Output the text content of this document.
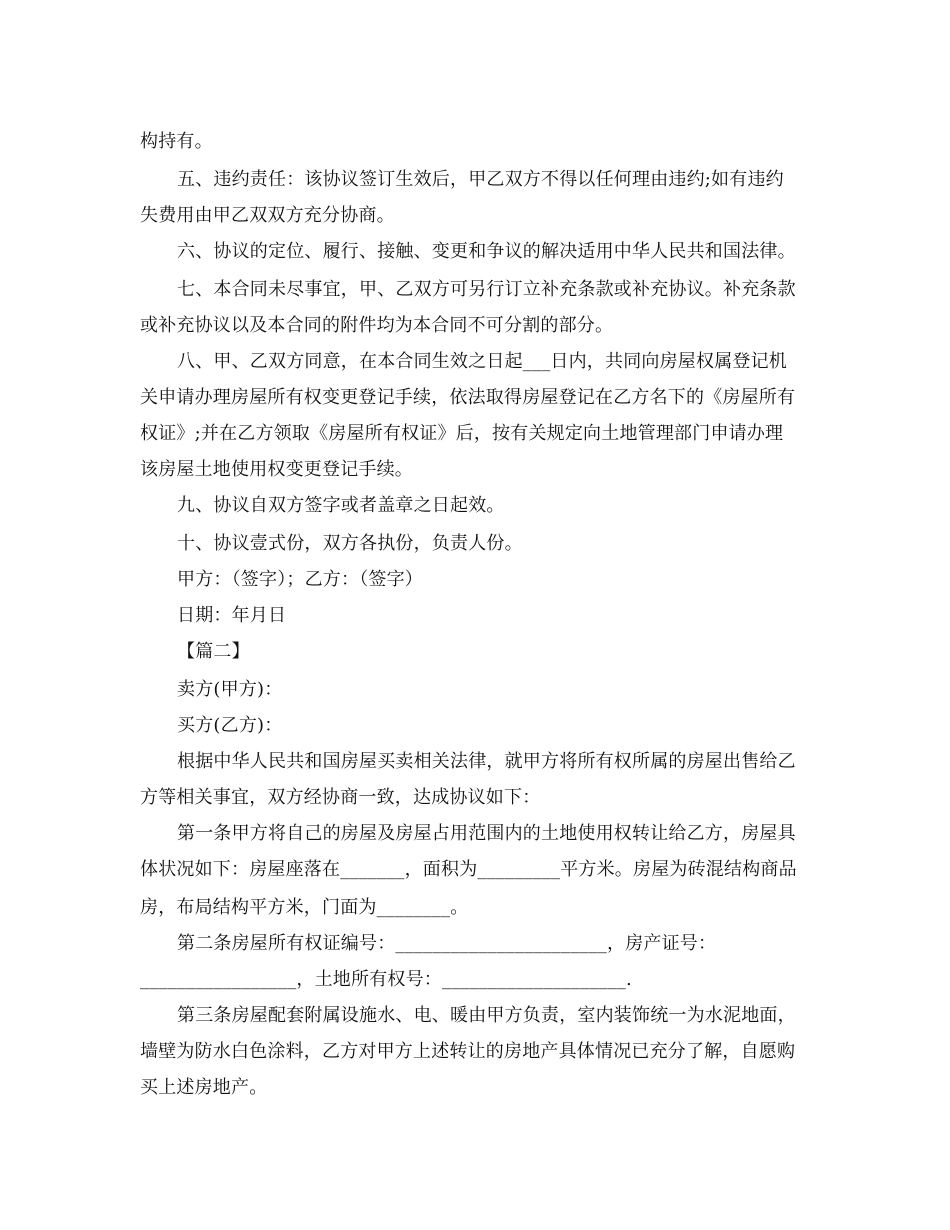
构持有。
五、违约责任：该协议签订生效后，甲乙双方不得以任何理由违约;如有违约
失费用由甲乙双双方充分协商。
六、协议的定位、履行、接触、变更和争议的解决适用中华人民共和国法律。
七、本合同未尽事宜，甲、乙双方可另行订立补充条款或补充协议。补充条款
或补充协议以及本合同的附件均为本合同不可分割的部分。
八、甲、乙双方同意，在本合同生效之日起___日内，共同向房屋权属登记机
关申请办理房屋所有权变更登记手续，依法取得房屋登记在乙方名下的《房屋所有
权证》;并在乙方领取《房屋所有权证》后，按有关规定向土地管理部门申请办理
该房屋土地使用权变更登记手续。
九、协议自双方签字或者盖章之日起效。
十、协议壹式份，双方各执份，负责人份。
甲方：（签字）；乙方：（签字）
日期：年月日
【篇二】
卖方(甲方)：
买方(乙方)：
根据中华人民共和国房屋买卖相关法律，就甲方将所有权所属的房屋出售给乙
方等相关事宜，双方经协商一致，达成协议如下：
第一条甲方将自己的房屋及房屋占用范围内的土地使用权转让给乙方，房屋具
体状况如下：房屋座落在_______，面积为_________平方米。房屋为砖混结构商品
房，布局结构平方米，门面为________。
第二条房屋所有权证编号：_______________________，房产证号：
_________________，土地所有权号：____________________.
第三条房屋配套附属设施水、电、暖由甲方负责，室内装饰统一为水泥地面，
墙壁为防水白色涂料，乙方对甲方上述转让的房地产具体情况已充分了解，自愿购
买上述房地产。
